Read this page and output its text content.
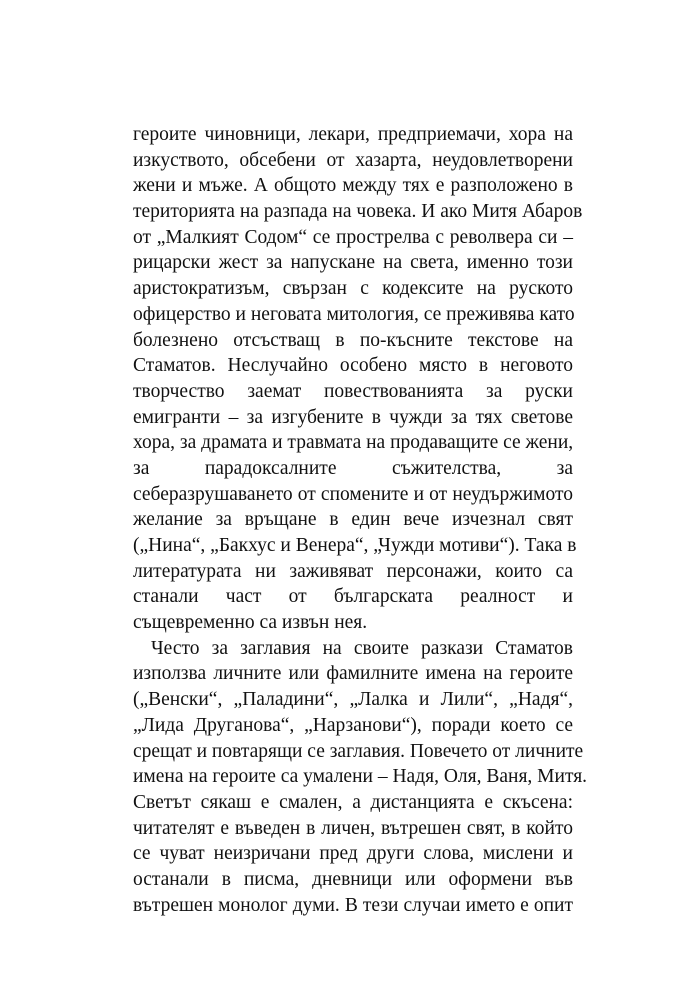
героите чиновници, лекари, предприемачи, хора на
изкуството, обсебени от хазарта, неудовлетворени
жени и мъже. А общото между тях е разположено в
територията на разпада на човека. И ако Митя Абаров
от „Малкият Содом“ се прострелва с револвера си –
рицарски жест за напускане на света, именно този
аристократизъм, свързан с кодексите на руското
офицерство и неговата митология, се преживява като
болезнено отсъстващ в по-късните текстове на
Стаматов. Неслучайно особено място в неговото
творчество заемат повествованията за руски
емигранти – за изгубените в чужди за тях светове
хора, за драмата и травмата на продаващите се жени,
за парадоксалните съжителства, за
себеразрушаването от спомените и от неудържимото
желание за връщане в един вече изчезнал свят
(„Нина“, „Бакхус и Венера“, „Чужди мотиви“). Така в
литературата ни заживяват персонажи, които са
станали част от българската реалност и
същевременно са извън нея.
Често за заглавия на своите разкази Стаматов
използва личните или фамилните имена на героите
(„Венски“, „Паладини“, „Лалка и Лили“, „Надя“,
„Лида Друганова“, „Нарзанови“), поради което се
срещат и повтарящи се заглавия. Повечето от личните
имена на героите са умалени – Надя, Оля, Ваня, Митя.
Светът сякаш е смален, а дистанцията е скъсена:
читателят е въведен в личен, вътрешен свят, в който
се чуват неизричани пред други слова, мислени и
останали в писма, дневници или оформени във
вътрешен монолог думи. В тези случаи името е опит
